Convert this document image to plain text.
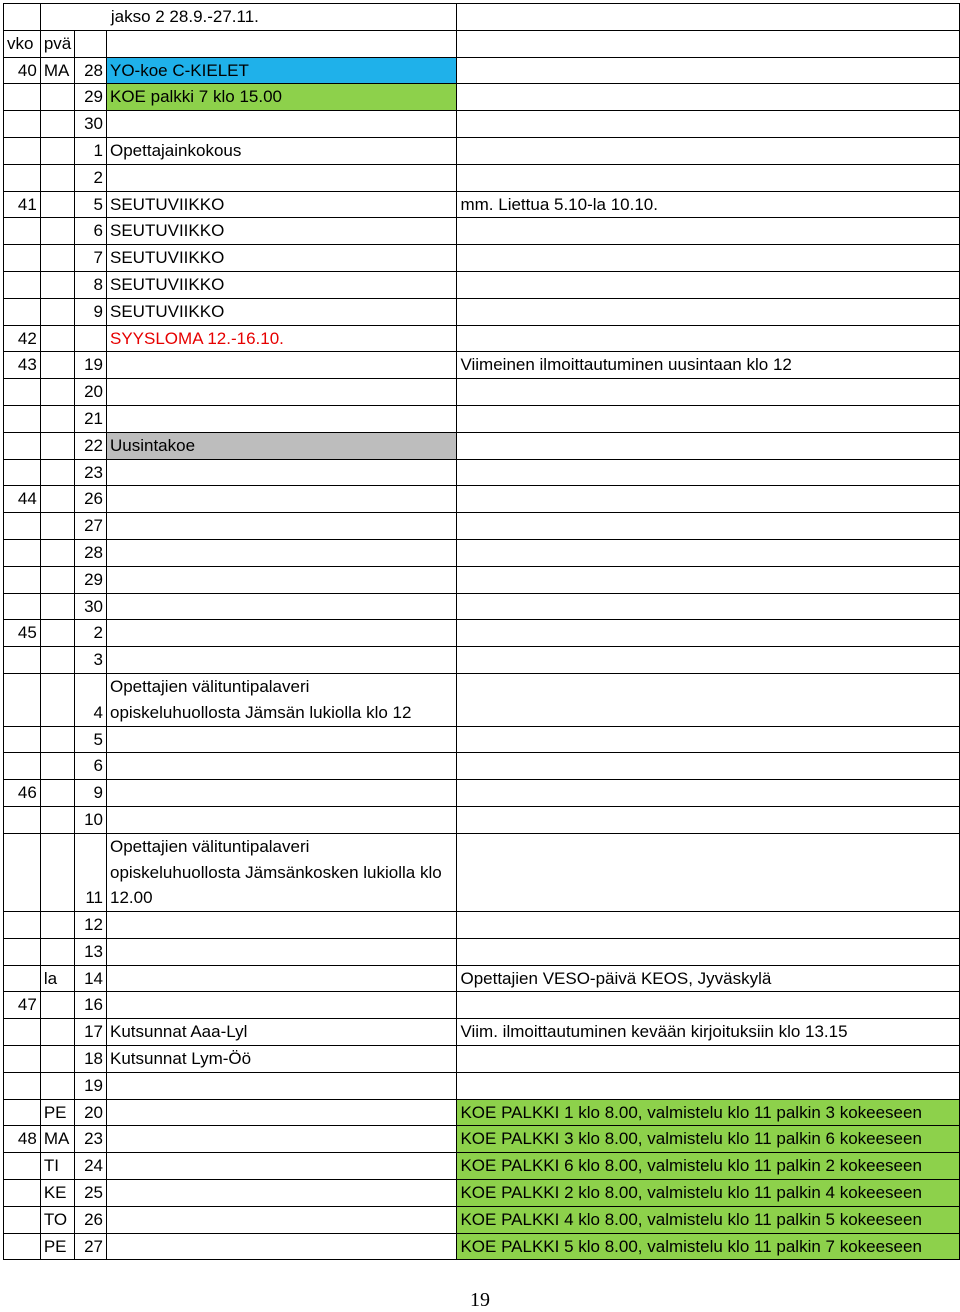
	jakso 2 28.9.-27.11.			
vko	pvä			
40	MA	28	YO-koe C-KIELET	
		29	KOE palkki 7 klo 15.00	
		30		
		1	Opettajainkokous	
		2		
41		5	SEUTUVIIKKO	mm. Liettua 5.10-la 10.10.
		6	SEUTUVIIKKO	
		7	SEUTUVIIKKO	
		8	SEUTUVIIKKO	
		9	SEUTUVIIKKO	
42			SYYSLOMA 12.-16.10.	
43		19		Viimeinen ilmoittautuminen uusintaan klo 12
		20		
		21		
		22	Uusintakoe	
		23		
44		26		
		27		
		28		
		29		
		30		
45		2		
		3		
		4	Opettajien välituntipalaveri
opiskeluhuollosta Jämsän lukiolla klo 12	

		5		
		6		
46		9		
		10		
		11	Opettajien välituntipalaveri
opiskeluhuollosta Jämsänkosken lukiolla klo
12.00	

		12		
		13		
	la	14		Opettajien VESO-päivä KEOS, Jyväskylä
47		16		
		17	Kutsunnat Aaa-Lyl	Viim. ilmoittautuminen kevään kirjoituksiin klo 13.15
		18	Kutsunnat Lym-Öö	
		19		
	PE	20		KOE PALKKI 1 klo 8.00, valmistelu klo 11 palkin 3 kokeeseen
48	MA	23		KOE PALKKI 3 klo 8.00, valmistelu klo 11 palkin 6 kokeeseen
	TI	24		KOE PALKKI 6 klo 8.00, valmistelu klo 11 palkin 2 kokeeseen
	KE	25		KOE PALKKI 2 klo 8.00, valmistelu klo 11 palkin 4 kokeeseen
	TO	26		KOE PALKKI 4 klo 8.00, valmistelu klo 11 palkin 5 kokeeseen
	PE	27		KOE PALKKI 5 klo 8.00, valmistelu klo 11 palkin 7 kokeeseen
19
